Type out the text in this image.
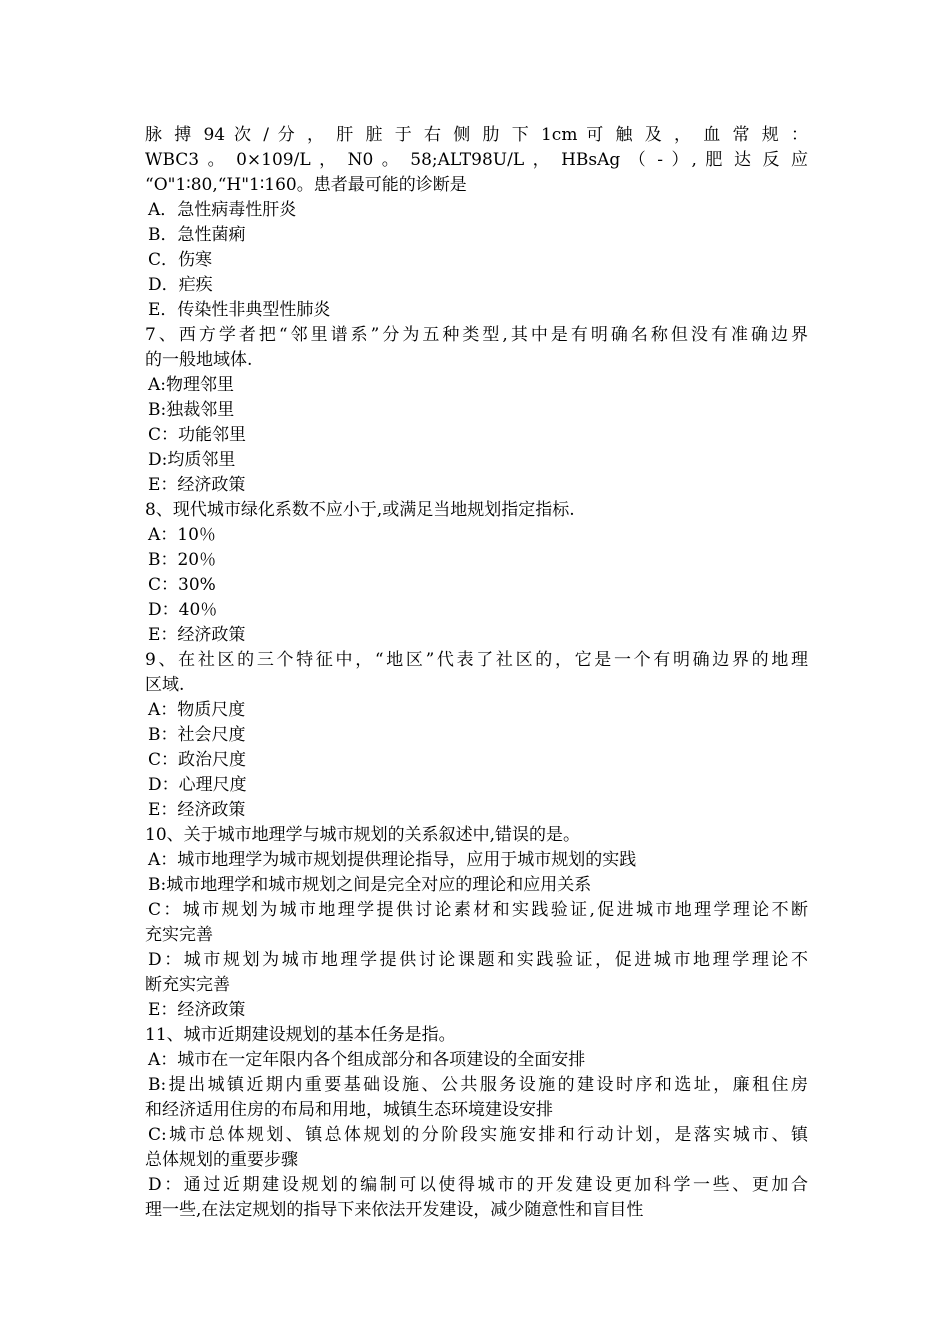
脉 搏 94 次 / 分 ， 肝 脏 于 右 侧 肋 下 1cm 可 触 及 ， 血 常 规 ：
WBC3 。 0×109/L ， N0 。 58;ALT98U/L ， HBsAg （ - ）, 肥 达 反 应
“O"1∶80,“H"1∶160。患者最可能的诊断是
A．急性病毒性肝炎
B．急性菌痢
C．伤寒
D．疟疾
E．传染性非典型性肺炎
7、西方学者把“邻里谱系”分为五种类型,其中是有明确名称但没有准确边界
的一般地域体.
A:物理邻里
B:独裁邻里
C：功能邻里
D:均质邻里
E：经济政策
8、现代城市绿化系数不应小于,或满足当地规划指定指标.
A：10％
B：20％
C：30%
D：40％
E：经济政策
9、在社区的三个特征中，“地区”代表了社区的，它是一个有明确边界的地理
区域.
A：物质尺度
B：社会尺度
C：政治尺度
D：心理尺度
E：经济政策
10、关于城市地理学与城市规划的关系叙述中,错误的是。
A：城市地理学为城市规划提供理论指导，应用于城市规划的实践
B:城市地理学和城市规划之间是完全对应的理论和应用关系
C：城市规划为城市地理学提供讨论素材和实践验证,促进城市地理学理论不断
充实完善
D：城市规划为城市地理学提供讨论课题和实践验证，促进城市地理学理论不
断充实完善
E：经济政策
11、城市近期建设规划的基本任务是指。
A：城市在一定年限内各个组成部分和各项建设的全面安排
B:提出城镇近期内重要基础设施、公共服务设施的建设时序和选址，廉租住房
和经济适用住房的布局和用地，城镇生态环境建设安排
C:城市总体规划、镇总体规划的分阶段实施安排和行动计划，是落实城市、镇
总体规划的重要步骤
D：通过近期建设规划的编制可以使得城市的开发建设更加科学一些、更加合
理一些,在法定规划的指导下来依法开发建设，减少随意性和盲目性
